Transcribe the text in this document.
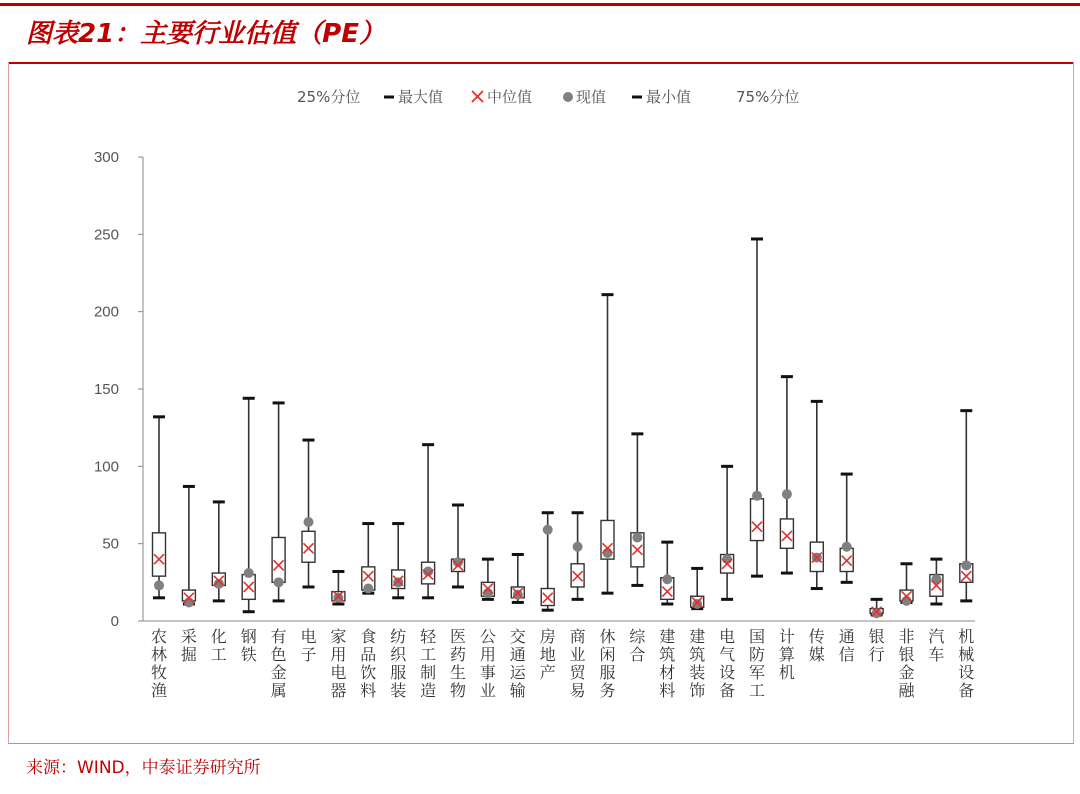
图表21：主要行业估值（PE）
25%分位	最大值	中位值	现值	最小值	75%分位
0
50
100
150
200
250
300
农林牧渔
采掘
化工
钢铁
有色金属
电子
家用电器
食品饮料
纺织服装
轻工制造
医药生物
公用事业
交通运输
房地产
商业贸易
休闲服务
综合
建筑材料
建筑装饰
电气设备
国防军工
计算机
传媒
通信
银行
非银金融
汽车
机械设备
来源：WIND，中泰证券研究所
